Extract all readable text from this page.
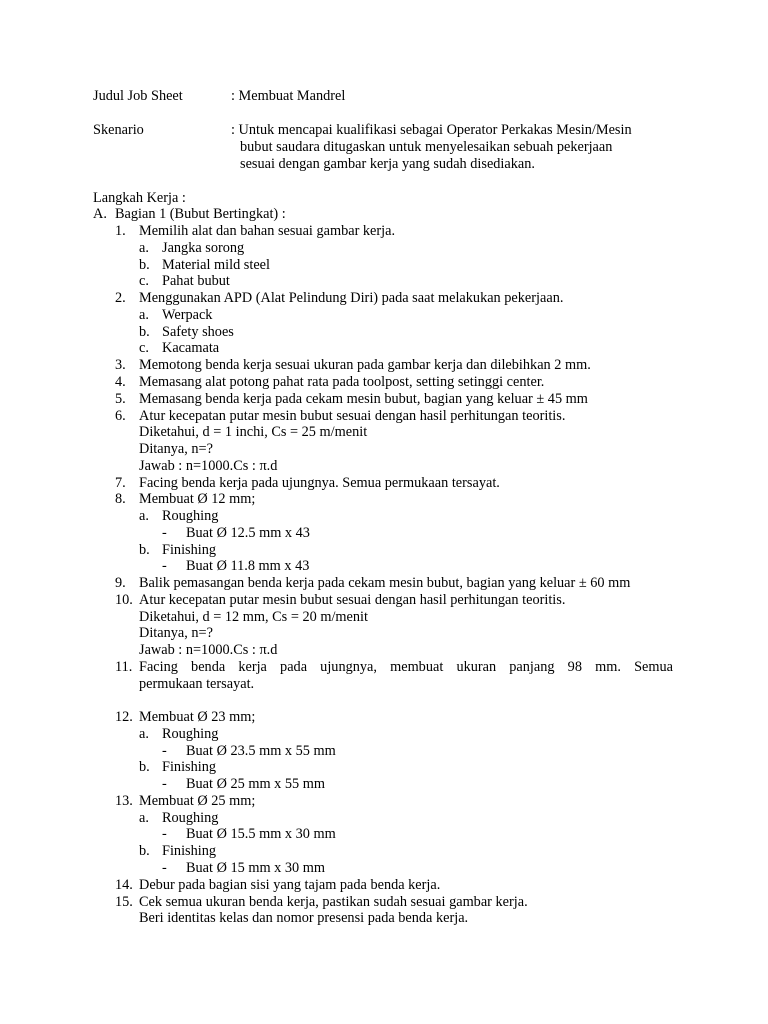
Judul Job Sheet	: Membuat Mandrel
Skenario	: Untuk mencapai kualifikasi sebagai Operator Perkakas Mesin/Mesin
bubut saudara ditugaskan untuk menyelesaikan sebuah pekerjaan
sesuai dengan gambar kerja yang sudah disediakan.
Langkah Kerja :
A. Bagian 1 (Bubut Bertingkat) :
1. Memilih alat dan bahan sesuai gambar kerja.
a. Jangka sorong
b. Material mild steel
c. Pahat bubut
2. Menggunakan APD (Alat Pelindung Diri) pada saat melakukan pekerjaan.
a. Werpack
b. Safety shoes
c. Kacamata
3. Memotong benda kerja sesuai ukuran pada gambar kerja dan dilebihkan 2 mm.
4. Memasang alat potong pahat rata pada toolpost, setting setinggi center.
5. Memasang benda kerja pada cekam mesin bubut, bagian yang keluar ± 45 mm
6. Atur kecepatan putar mesin bubut sesuai dengan hasil perhitungan teoritis.
Diketahui, d = 1 inchi, Cs = 25 m/menit
Ditanya, n=?
Jawab : n=1000.Cs : π.d
7. Facing benda kerja pada ujungnya. Semua permukaan tersayat.
8. Membuat Ø 12 mm;
a. Roughing
- Buat Ø 12.5 mm x 43
b. Finishing
- Buat Ø 11.8 mm x 43
9. Balik pemasangan benda kerja pada cekam mesin bubut, bagian yang keluar ± 60 mm
10. Atur kecepatan putar mesin bubut sesuai dengan hasil perhitungan teoritis.
Diketahui, d = 12 mm, Cs = 20 m/menit
Ditanya, n=?
Jawab : n=1000.Cs : π.d
11. Facing benda kerja pada ujungnya, membuat ukuran panjang 98 mm. Semua
permukaan tersayat.
12. Membuat Ø 23 mm;
a. Roughing
- Buat Ø 23.5 mm x 55 mm
b. Finishing
- Buat Ø 25 mm x 55 mm
13. Membuat Ø 25 mm;
a. Roughing
- Buat Ø 15.5 mm x 30 mm
b. Finishing
- Buat Ø 15 mm x 30 mm
14. Debur pada bagian sisi yang tajam pada benda kerja.
15. Cek semua ukuran benda kerja, pastikan sudah sesuai gambar kerja.
Beri identitas kelas dan nomor presensi pada benda kerja.
